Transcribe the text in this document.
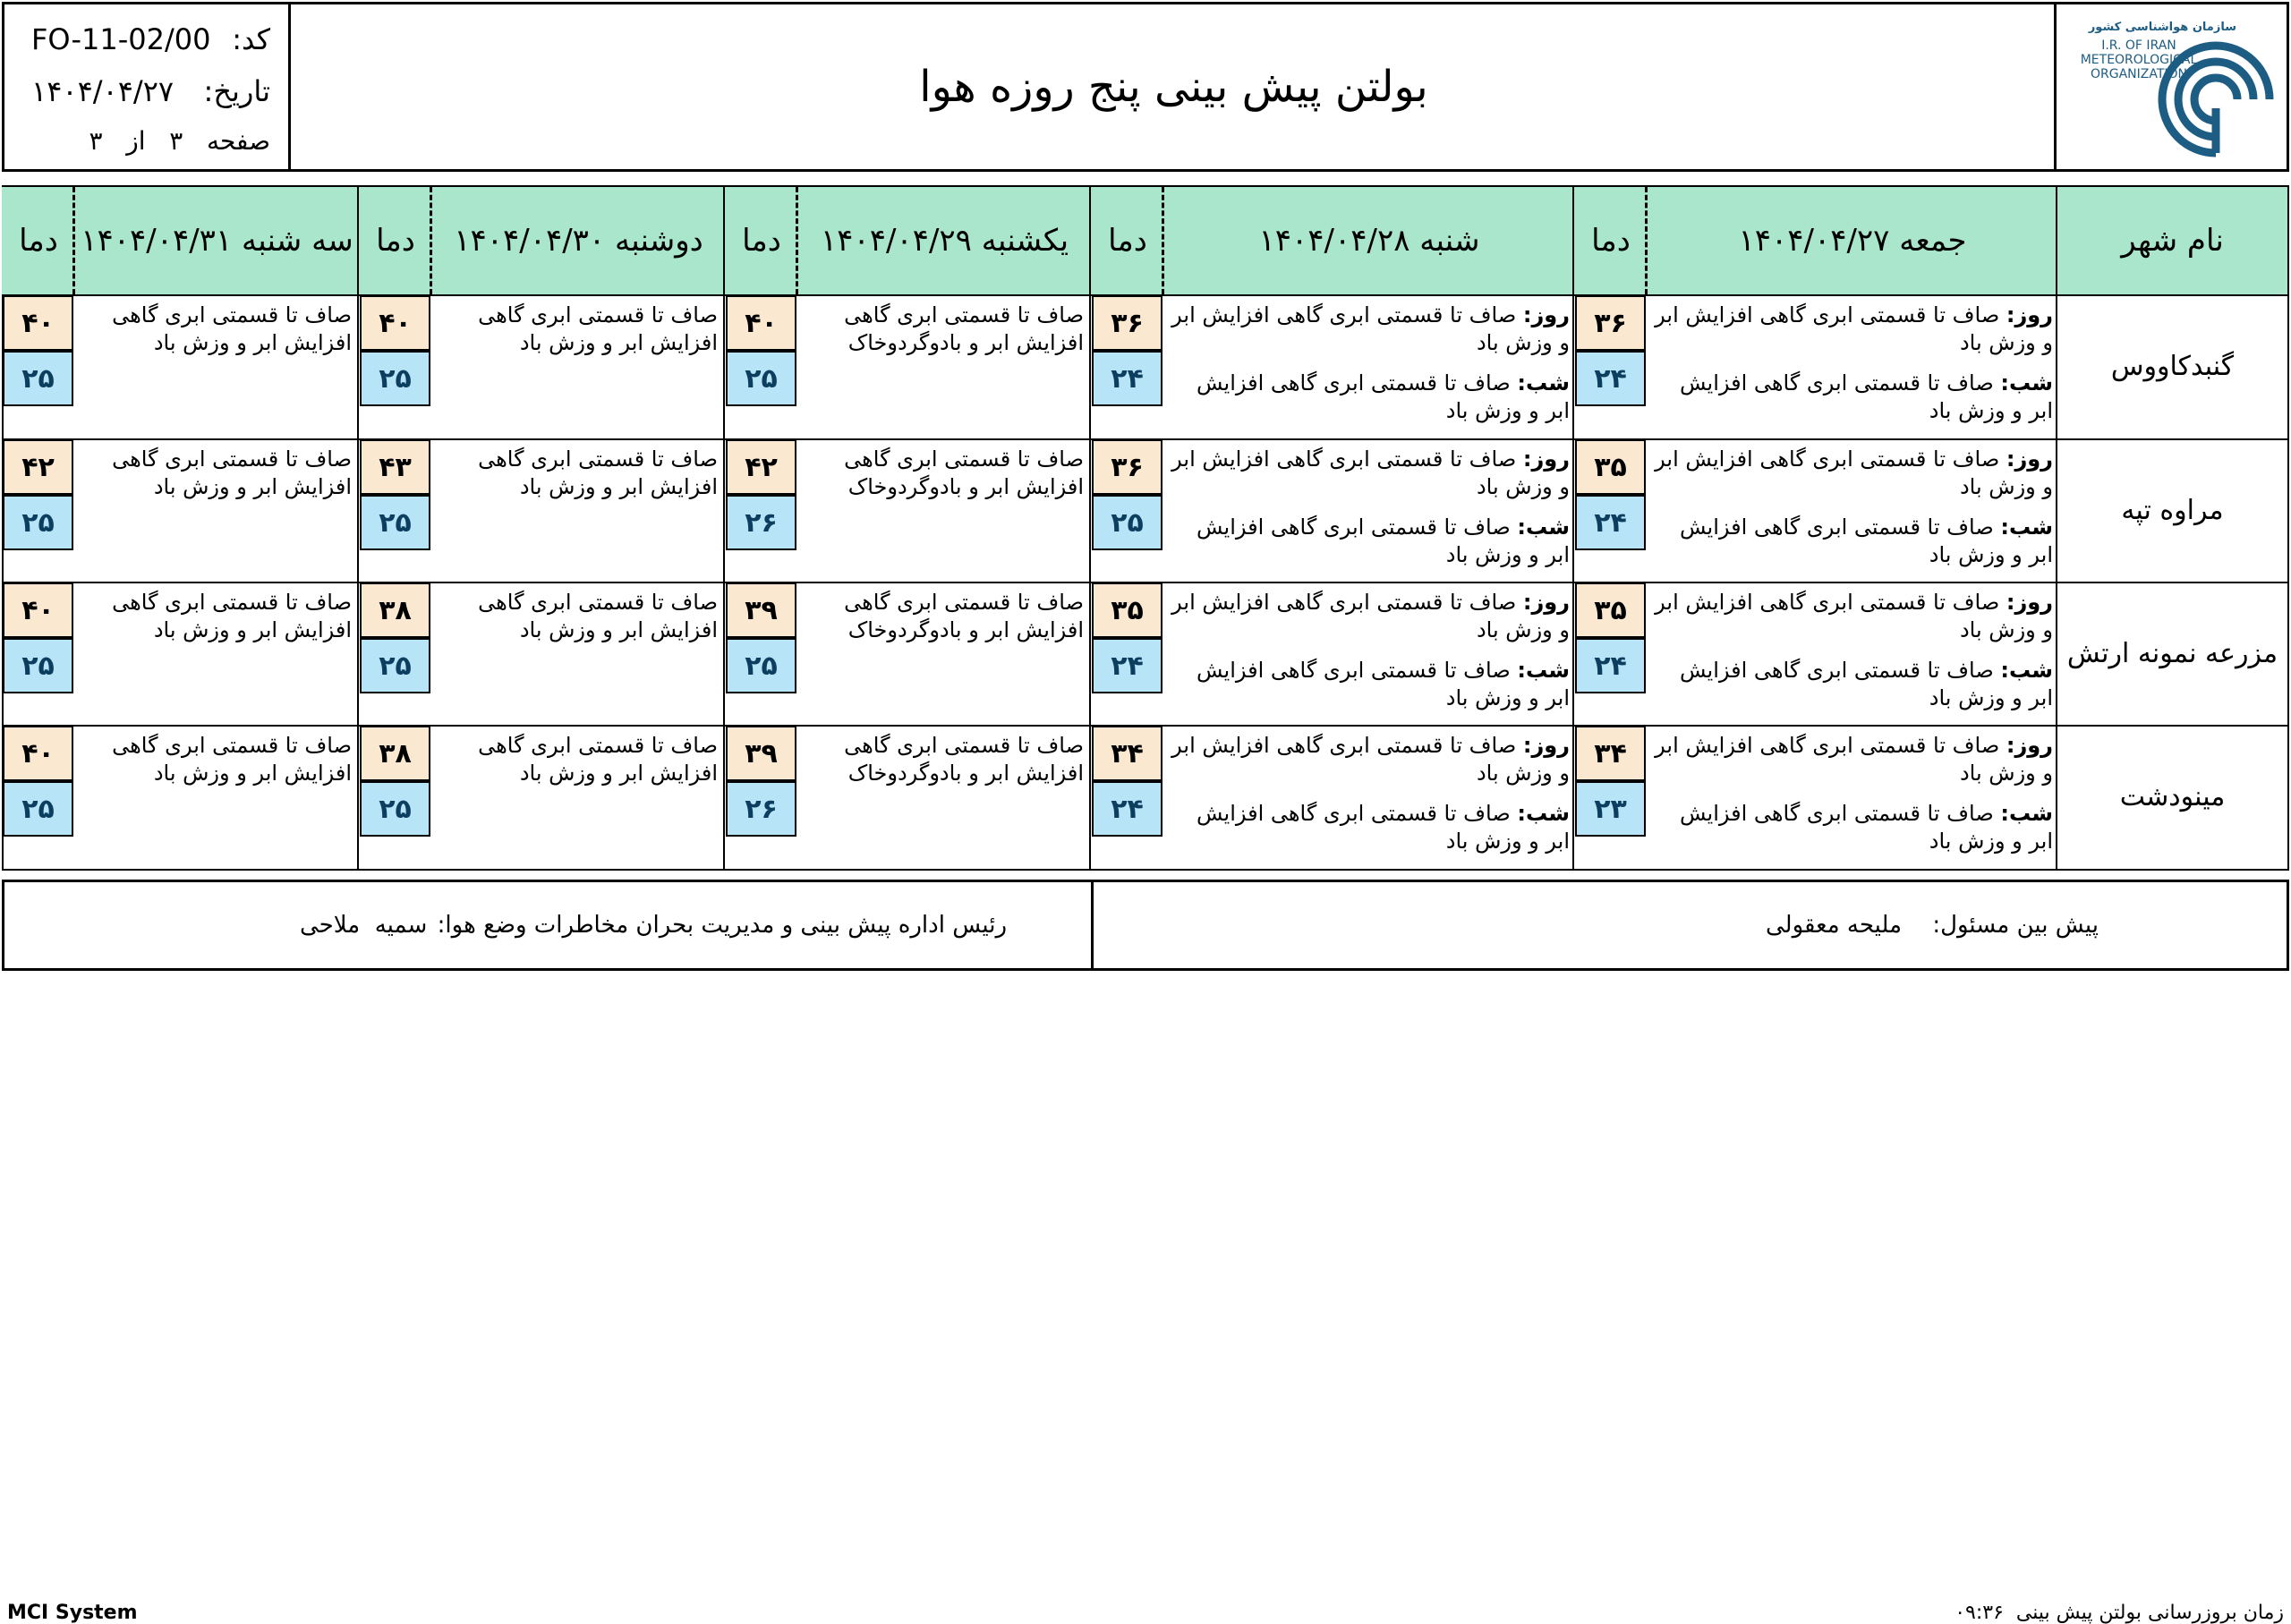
کد:
FO-11-02/00
تاریخ:
۱۴۰۴/۰۴/۲۷
صفحه   ۳   از   ۳
بولتن پیش بینی پنج روزه هوا
سازمان هواشناسی کشور
I.R. OF IRAN
METEOROLOGICAL
ORGANIZATION
نام شهر
جمعه ۱۴۰۴/۰۴/۲۷
دما
شنبه ۱۴۰۴/۰۴/۲۸
دما
یکشنبه ۱۴۰۴/۰۴/۲۹
دما
دوشنبه ۱۴۰۴/۰۴/۳۰
دما
سه شنبه ۱۴۰۴/۰۴/۳۱
دما
گنبدکاووس
روز: صاف تا قسمتی ابری گاهی افزایش ابر و وزش باد
شب: صاف تا قسمتی ابری گاهی افزایش ابر و وزش باد
روز: صاف تا قسمتی ابری گاهی افزایش ابر و وزش باد
شب: صاف تا قسمتی ابری گاهی افزایش ابر و وزش باد
صاف تا قسمتی ابری گاهی افزایش ابر و بادوگردوخاک
صاف تا قسمتی ابری گاهی افزایش ابر و وزش باد
صاف تا قسمتی ابری گاهی افزایش ابر و وزش باد
۳۶
۲۴
۳۶
۲۴
۴۰
۲۵
۴۰
۲۵
۴۰
۲۵
مراوه تپه
روز: صاف تا قسمتی ابری گاهی افزایش ابر و وزش باد
شب: صاف تا قسمتی ابری گاهی افزایش ابر و وزش باد
روز: صاف تا قسمتی ابری گاهی افزایش ابر و وزش باد
شب: صاف تا قسمتی ابری گاهی افزایش ابر و وزش باد
صاف تا قسمتی ابری گاهی افزایش ابر و بادوگردوخاک
صاف تا قسمتی ابری گاهی افزایش ابر و وزش باد
صاف تا قسمتی ابری گاهی افزایش ابر و وزش باد
۳۵
۲۴
۳۶
۲۵
۴۲
۲۶
۴۳
۲۵
۴۲
۲۵
مزرعه نمونه ارتش
روز: صاف تا قسمتی ابری گاهی افزایش ابر و وزش باد
شب: صاف تا قسمتی ابری گاهی افزایش ابر و وزش باد
روز: صاف تا قسمتی ابری گاهی افزایش ابر و وزش باد
شب: صاف تا قسمتی ابری گاهی افزایش ابر و وزش باد
صاف تا قسمتی ابری گاهی افزایش ابر و بادوگردوخاک
صاف تا قسمتی ابری گاهی افزایش ابر و وزش باد
صاف تا قسمتی ابری گاهی افزایش ابر و وزش باد
۳۵
۲۴
۳۵
۲۴
۳۹
۲۵
۳۸
۲۵
۴۰
۲۵
مینودشت
روز: صاف تا قسمتی ابری گاهی افزایش ابر و وزش باد
شب: صاف تا قسمتی ابری گاهی افزایش ابر و وزش باد
روز: صاف تا قسمتی ابری گاهی افزایش ابر و وزش باد
شب: صاف تا قسمتی ابری گاهی افزایش ابر و وزش باد
صاف تا قسمتی ابری گاهی افزایش ابر و بادوگردوخاک
صاف تا قسمتی ابری گاهی افزایش ابر و وزش باد
صاف تا قسمتی ابری گاهی افزایش ابر و وزش باد
۳۴
۲۳
۳۴
۲۴
۳۹
۲۶
۳۸
۲۵
۴۰
۲۵
پیش بین مسئول:
ملیحه معقولی
رئیس اداره پیش بینی و مدیریت بحران مخاطرات وضع هوا:
سمیه  ملاحی
MCI System	زمان بروزرسانی بولتن پیش بینی  ۰۹:۳۶
